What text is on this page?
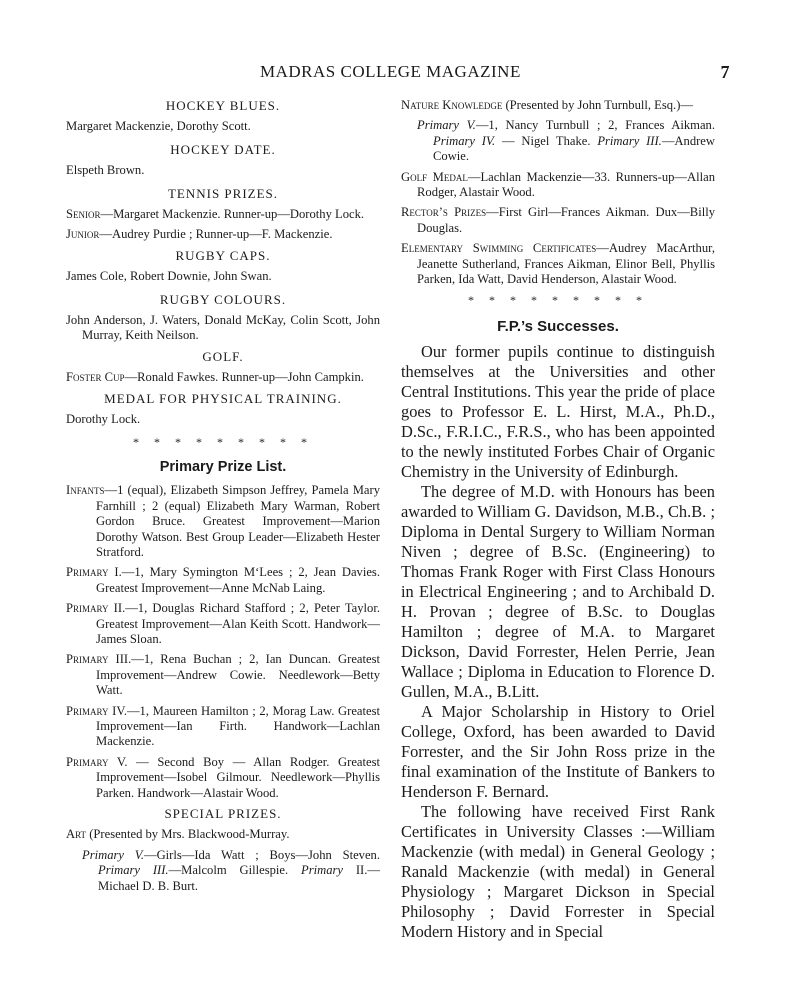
MADRAS COLLEGE MAGAZINE	7
HOCKEY BLUES.
Margaret Mackenzie, Dorothy Scott.
HOCKEY DATE.
Elspeth Brown.
TENNIS PRIZES.
Senior—Margaret Mackenzie. Runner-up—Dorothy Lock.
Junior—Audrey Purdie ; Runner-up—F. Mackenzie.
RUGBY CAPS.
James Cole, Robert Downie, John Swan.
RUGBY COLOURS.
John Anderson, J. Waters, Donald McKay, Colin Scott, John Murray, Keith Neilson.
GOLF.
Foster Cup—Ronald Fawkes. Runner-up—John Campkin.
MEDAL FOR PHYSICAL TRAINING.
Dorothy Lock.
* * * * * * * * *
Primary Prize List.
Infants—1 (equal), Elizabeth Simpson Jeffrey, Pamela Mary Farnhill ; 2 (equal) Elizabeth Mary Warman, Robert Gordon Bruce. Greatest Improvement—Marion Dorothy Watson. Best Group Leader—Elizabeth Hester Stratford.
Primary I.—1, Mary Symington M‘Lees ; 2, Jean Davies. Greatest Improvement—Anne McNab Laing.
Primary II.—1, Douglas Richard Stafford ; 2, Peter Taylor. Greatest Improvement—Alan Keith Scott. Handwork—James Sloan.
Primary III.—1, Rena Buchan ; 2, Ian Duncan. Greatest Improvement—Andrew Cowie. Needlework—Betty Watt.
Primary IV.—1, Maureen Hamilton ; 2, Morag Law. Greatest Improvement—Ian Firth. Handwork—Lachlan Mackenzie.
Primary V. — Second Boy — Allan Rodger. Greatest Improvement—Isobel Gilmour. Needlework—Phyllis Parken. Handwork—Alastair Wood.
SPECIAL PRIZES.
Art (Presented by Mrs. Blackwood-Murray.
Primary V.—Girls—Ida Watt ; Boys—John Steven. Primary III.—Malcolm Gillespie. Primary II.—Michael D. B. Burt.
Nature Knowledge (Presented by John Turnbull, Esq.)—
Primary V.—1, Nancy Turnbull ; 2, Frances Aikman. Primary IV. — Nigel Thake. Primary III.—Andrew Cowie.
Golf Medal—Lachlan Mackenzie—33. Runners-up—Allan Rodger, Alastair Wood.
Rector’s Prizes—First Girl—Frances Aikman. Dux—Billy Douglas.
Elementary Swimming Certificates—Audrey MacArthur, Jeanette Sutherland, Frances Aikman, Elinor Bell, Phyllis Parken, Ida Watt, David Henderson, Alastair Wood.
* * * * * * * * *
F.P.’s Successes.

Our former pupils continue to distinguish themselves at the Universities and other Central Institutions. This year the pride of place goes to Professor E. L. Hirst, M.A., Ph.D., D.Sc., F.R.I.C., F.R.S., who has been appointed to the newly instituted Forbes Chair of Organic Chemistry in the University of Edinburgh.

The degree of M.D. with Honours has been awarded to William G. Davidson, M.B., Ch.B. ; Diploma in Dental Surgery to William Norman Niven ; degree of B.Sc. (Engineering) to Thomas Frank Roger with First Class Honours in Electrical Engineering ; and to Archibald D. H. Provan ; degree of B.Sc. to Douglas Hamilton ; degree of M.A. to Margaret Dickson, David Forrester, Helen Perrie, Jean Wallace ; Diploma in Education to Florence D. Gullen, M.A., B.Litt.

A Major Scholarship in History to Oriel College, Oxford, has been awarded to David Forrester, and the Sir John Ross prize in the final examination of the Institute of Bankers to Henderson F. Bernard.

The following have received First Rank Certificates in University Classes :—William Mackenzie (with medal) in General Geology ; Ranald Mackenzie (with medal) in General Physiology ; Margaret Dickson in Special Philosophy ; David Forrester in Special Modern History and in Special
